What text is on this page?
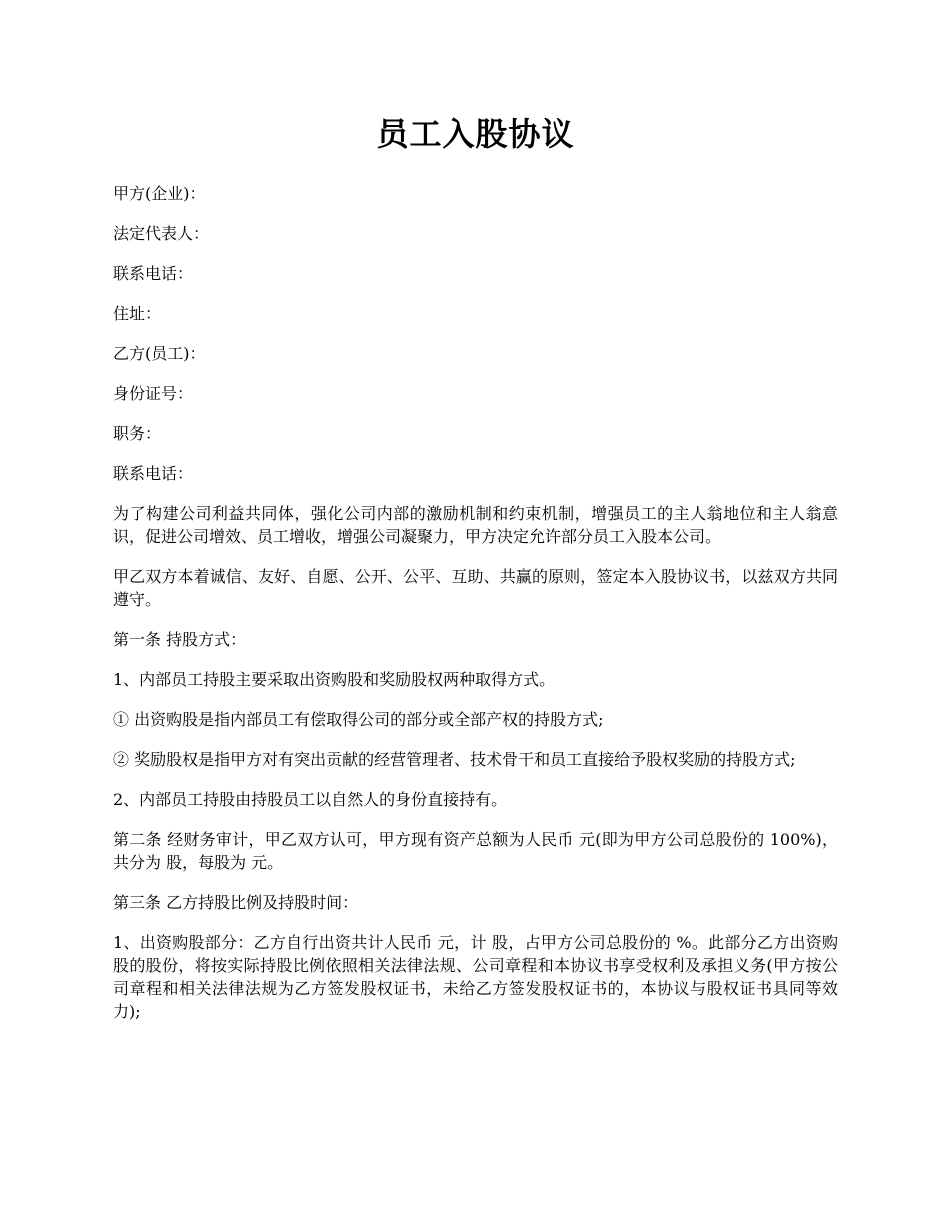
员工入股协议

甲方(企业)：

法定代表人：

联系电话：

住址：

乙方(员工)：

身份证号：

职务：

联系电话：

为了构建公司利益共同体，强化公司内部的激励机制和约束机制，增强员工的主人翁地位和主人翁意识，促进公司增效、员工增收，增强公司凝聚力，甲方决定允许部分员工入股本公司。

甲乙双方本着诚信、友好、自愿、公开、公平、互助、共赢的原则，签定本入股协议书，以兹双方共同遵守。

第一条 持股方式：

1、内部员工持股主要采取出资购股和奖励股权两种取得方式。

① 出资购股是指内部员工有偿取得公司的部分或全部产权的持股方式;

② 奖励股权是指甲方对有突出贡献的经营管理者、技术骨干和员工直接给予股权奖励的持股方式;

2、内部员工持股由持股员工以自然人的身份直接持有。

第二条 经财务审计，甲乙双方认可，甲方现有资产总额为人民币 元(即为甲方公司总股份的 100%)，共分为 股，每股为 元。

第三条 乙方持股比例及持股时间：

1、出资购股部分：乙方自行出资共计人民币 元，计 股，占甲方公司总股份的 %。此部分乙方出资购股的股份，将按实际持股比例依照相关法律法规、公司章程和本协议书享受权利及承担义务(甲方按公司章程和相关法律法规为乙方签发股权证书，未给乙方签发股权证书的，本协议与股权证书具同等效力);
